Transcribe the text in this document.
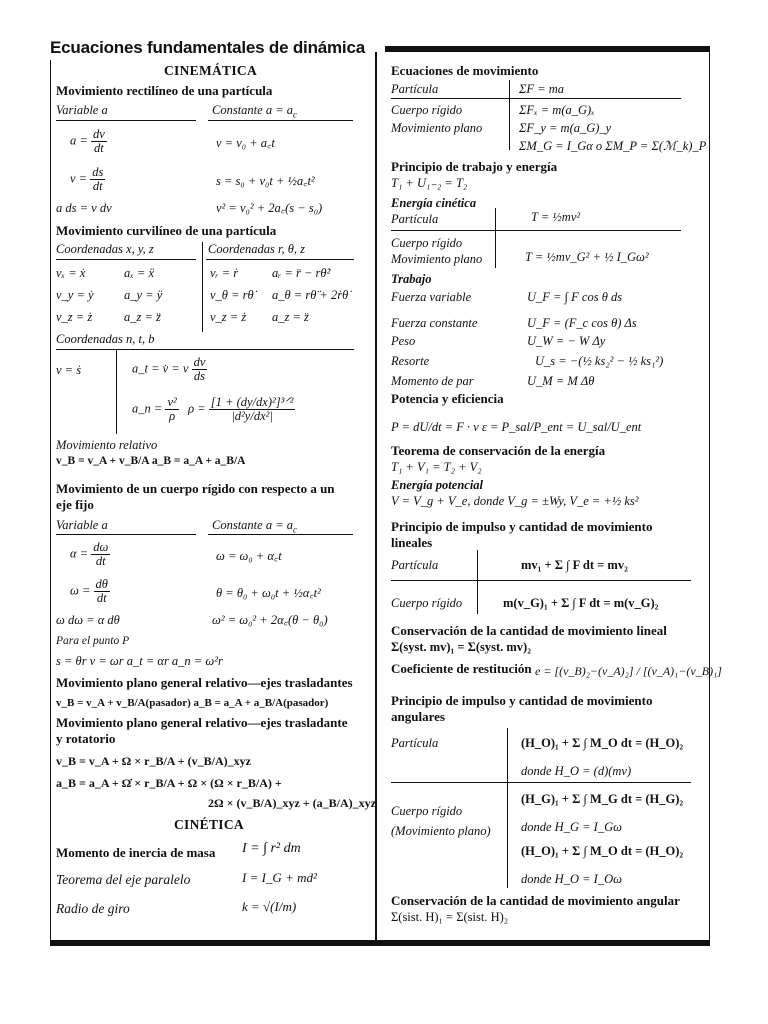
Ecuaciones fundamentales de dinámica
CINEMÁTICA
Movimiento rectilíneo de una partícula
Variable a	Constante $a = a_c$
$a = \frac{dv}{dt}$	v = v₀ + a꜀t
$v = \frac{ds}{dt}$	s = s₀ + v₀t + ½a꜀t²
a ds = v dv	v² = v₀² + 2a꜀(s − s₀)
Movimiento curvilíneo de una partícula
Coordenadas x, y, z	Coordenadas r, θ, z
vₓ = ẋ	aₓ = ẍ	vᵣ = ṙ	aᵣ = r̈ − rθ̇²
v_y = ẏ a_y = ÿ	v_θ = rθ̇ a_θ = rθ̈ + 2ṙθ̇
v_z = ż	a_z = z̈	v_z = ż a_z = z̈
Coordenadas n, t, b
v = ṡ	a_t = v̇ = v $\frac{dv}{ds}$
a_n = $\frac{\text{v²}}{\rho}$ $\rho = \frac{\text{[1 + (dy/dx)²]³ᐟ²}}{\text{|d²y/dx²|}}$
Movimiento relativo
v_B = v_A + v_B/A a_B = a_A + a_B/A
Movimiento de un cuerpo rígido con respecto a un
eje fijo
Variable a	Constante $a = a_c$
$\alpha = \frac{d\omega}{dt}$	ω = ω₀ + α꜀t
$\omega = \frac{d\theta}{dt}$	θ = θ₀ + ω₀t + ½α꜀t²
ω dω = α dθ	ω² = ω₀² + 2α꜀(θ − θ₀)
Para el punto P
s = θr v = ωr a_t = αr a_n = ω²r
Movimiento plano general relativo—ejes trasladantes
v_B = v_A + v_B/A(pasador) a_B = a_A + a_B/A(pasador)
Movimiento plano general relativo—ejes trasladante
y rotatorio
v_B = v_A + Ω × r_B/A + (v_B/A)_xyz
a_B = a_A + Ω̇ × r_B/A + Ω × (Ω × r_B/A) +
2Ω × (v_B/A)_xyz + (a_B/A)_xyz
CINÉTICA
Momento de inercia de masa I = ∫ r² dm
Teorema del eje paralelo	I = I_G + md²
Radio de giro	k = √(I/m)
Ecuaciones de movimiento
Partícula	ΣF = ma
Cuerpo rígido
Movimiento plano
ΣFₓ = m(a_G)ₓ
ΣF_y = m(a_G)_y
ΣM_G = I_Gα o ΣM_P = Σ(ℳ_k)_P
Principio de trabajo y energía
T₁ + U₁₋₂ = T₂
Energía cinética
Partícula	T = ½mv²
Cuerpo rígido
Movimiento plano	T = ½mv_G² + ½ I_Gω²
Trabajo
Fuerza variable	U_F = ∫ F cos θ ds
Fuerza constante	U_F = (F_c cos θ) Δs
Peso	U_W = − W Δy
Resorte	U_s = −(½ ks₂² − ½ ks₁²)
Momento de par	U_M = M Δθ
Potencia y eficiencia
P = dU/dt = F · v ε = P_sal/P_ent = U_sal/U_ent
Teorema de conservación de la energía
T₁ + V₁ = T₂ + V₂
Energía potencial
V = V_g + V_e, donde V_g = ±Wy, V_e = +½ ks²
Principio de impulso y cantidad de movimiento
lineales
Partícula	mv₁ + Σ ∫ F dt = mv₂
Cuerpo rígido	m(v_G)₁ + Σ ∫ F dt = m(v_G)₂
Conservación de la cantidad de movimiento lineal
Σ(syst. mv)₁ = Σ(syst. mv)₂
Coeficiente de restitución e = [(v_B)₂−(v_A)₂] / [(v_A)₁−(v_B)₁]
Principio de impulso y cantidad de movimiento
angulares
Partícula	(H_O)₁ + Σ ∫ M_O dt = (H_O)₂
donde H_O = (d)(mv)
Cuerpo rígido
(Movimiento plano)
(H_G)₁ + Σ ∫ M_G dt = (H_G)₂
donde H_G = I_Gω
(H_O)₁ + Σ ∫ M_O dt = (H_O)₂
donde H_O = I_Oω
Conservación de la cantidad de movimiento angular
Σ(sist. H)₁ = Σ(sist. H)₂
